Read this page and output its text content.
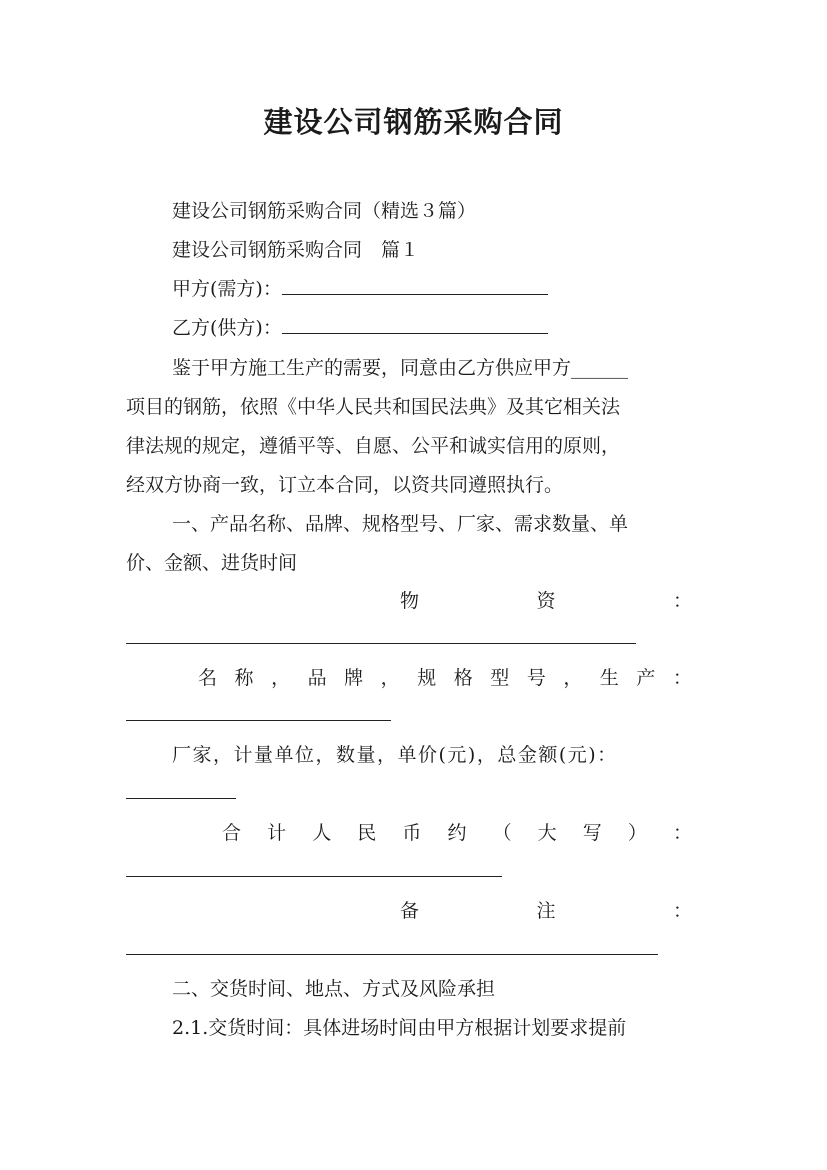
建设公司钢筋采购合同
建设公司钢筋采购合同（精选３篇）
建设公司钢筋采购合同　篇１
甲方(需方)：
乙方(供方)：
鉴于甲方施工生产的需要，同意由乙方供应甲方______
项目的钢筋，依照《中华人民共和国民法典》及其它相关法
律法规的规定，遵循平等、自愿、公平和诚实信用的原则，
经双方协商一致，订立本合同，以资共同遵照执行。
一、产品名称、品牌、规格型号、厂家、需求数量、单
价、金额、进货时间
物	资	：
名 称 ， 品 牌 ， 规 格 型 号 ， 生 产 ：
厂家，计量单位，数量，单价(元)，总金额(元)：
合 计 人 民 币 约 （ 大 写 ） ：
备	注	：
二、交货时间、地点、方式及风险承担
2.1.交货时间：具体进场时间由甲方根据计划要求提前
